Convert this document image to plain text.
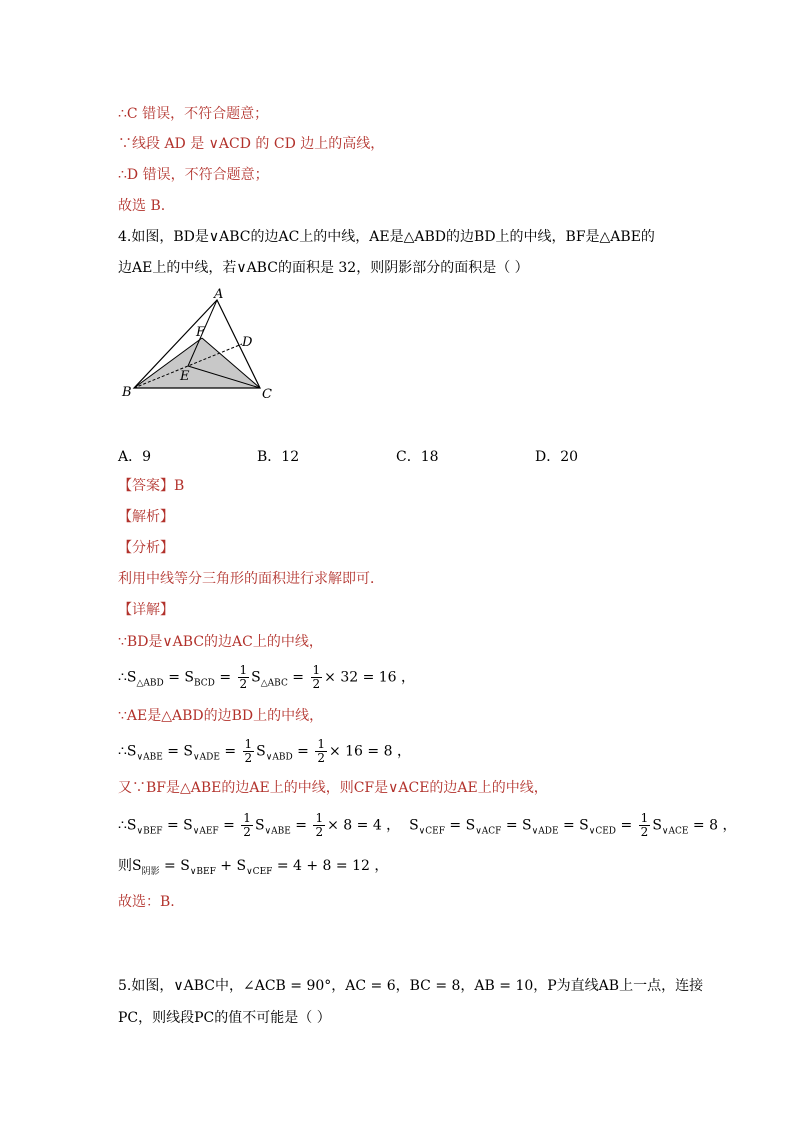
∴C 错误，不符合题意；
∵线段 AD 是 ∨ACD 的 CD 边上的高线，
∴D 错误，不符合题意；
故选 B.
4.如图，BD是∨ABC的边AC上的中线，AE是△ABD的边BD上的中线，BF是△ABE的
边AE上的中线，若∨ABC的面积是 32，则阴影部分的面积是（ ）
A
B	C
D
E
F
A．9	B．12	C．18	D．20
【答案】B
【解析】
【分析】
利用中线等分三角形的面积进行求解即可．
【详解】
∵BD是∨ABC的边AC上的中线，
$\therefore S_{\triangle ABD} = S_{BCD} = \frac{1}{2} S_{\triangle ABC} = \frac{1}{2} \times 32 = 16$ ，
∵AE是△ABD的边BD上的中线，
$\therefore S_{\vee ABE} = S_{\vee ADE} = \frac{1}{2} S_{\vee ABD} = \frac{1}{2} \times 16 = 8$ ，
又∵BF是△ABE的边AE上的中线，则CF是∨ACE的边AE上的中线，
$\therefore S_{\vee BEF} = S_{\vee AEF} = \frac{1}{2} S_{\vee ABE} = \frac{1}{2} \times 8 = 4$ ，  $S_{\vee CEF} = S_{\vee ACF} = S_{\vee ADE} = S_{\vee CED} = \frac{1}{2} S_{\vee ACE} = 8$ ，
则$S_{阴影} = S_{\vee BEF} + S_{\vee CEF} = 4 + 8 = 12$ ，
故选：B.
5.如图，∨ABC中，∠ACB = 90°，AC = 6，BC = 8，AB = 10，P为直线AB上一点，连接
PC，则线段PC的值不可能是（ ）
